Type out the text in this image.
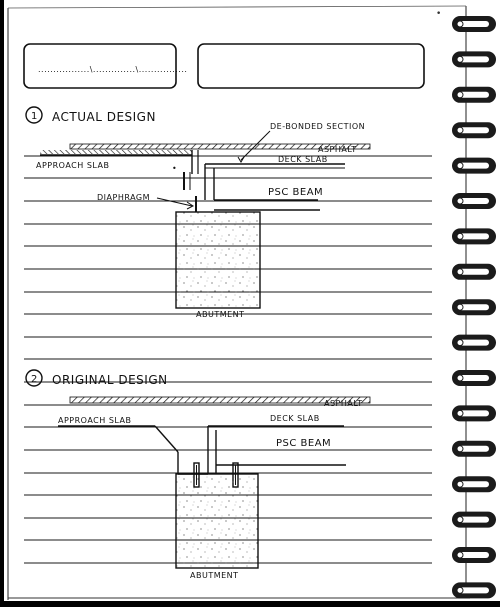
•
.................\..............\................
1 ACTUAL DESIGN
ASPHALT
DE-BONDED SECTION
APPROACH SLAB
DECK SLAB
•
DIAPHRAGM	PSC BEAM
ABUTMENT
2 ORIGINAL DESIGN
ASPHALT
APPROACH SLAB	DECK SLAB
PSC BEAM
ABUTMENT
